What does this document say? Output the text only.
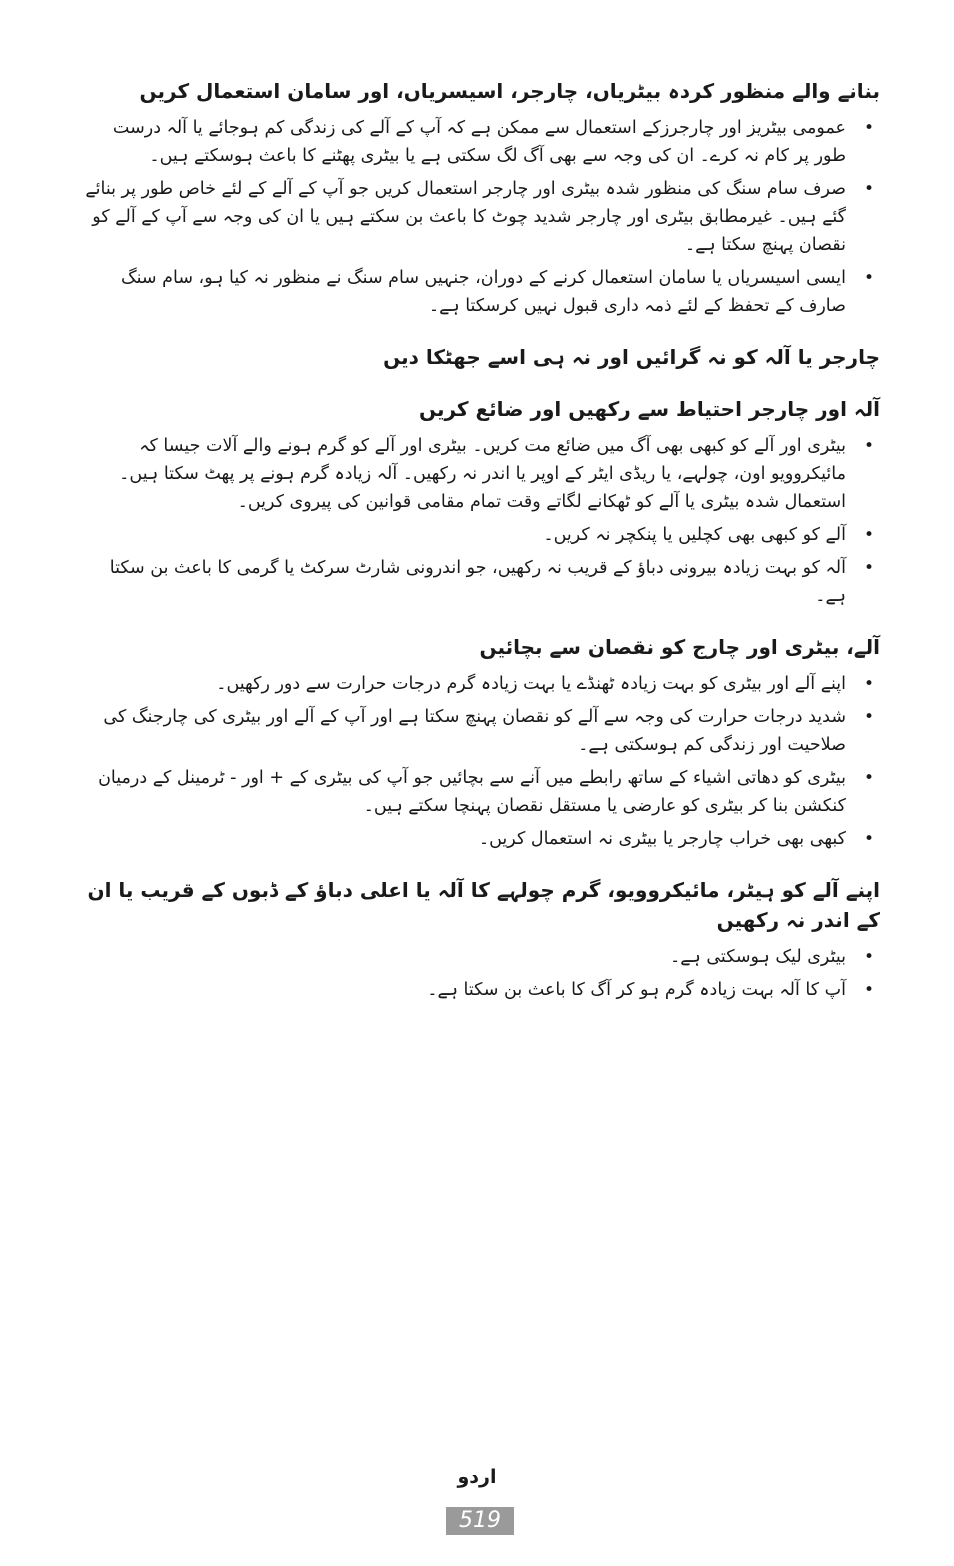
بنانے والے منظور کردہ بیٹریاں، چارجر، اسیسریاں، اور سامان استعمال کریں
• عمومی بیٹریز اور چارجرزکے استعمال سے ممکن ہے کہ آپ کے آلے کی زندگی کم ہوجائے یا آلہ درست طور پر کام نہ کرے۔ ان کی وجہ سے بھی آگ لگ سکتی ہے یا بیٹری پھٹنے کا باعث ہوسکتے ہیں۔
• صرف سام سنگ کی منظور شدہ بیٹری اور چارجر استعمال کریں جو آپ کے آلے کے لئے خاص طور پر بنائے گئے ہیں۔ غیرمطابق بیٹری اور چارجر شدید چوٹ کا باعث بن سکتے ہیں یا ان کی وجہ سے آپ کے آلے کو نقصان پہنچ سکتا ہے۔
• ایسی اسیسریاں یا سامان استعمال کرنے کے دوران، جنہیں سام سنگ نے منظور نہ کیا ہو، سام سنگ صارف کے تحفظ کے لئے ذمہ داری قبول نہیں کرسکتا ہے۔
چارجر یا آلہ کو نہ گرائیں اور نہ ہی اسے جھٹکا دیں
آلہ اور چارجر احتیاط سے رکھیں اور ضائع کریں
• بیٹری اور آلے کو کبھی بھی آگ میں ضائع مت کریں۔ بیٹری اور آلے کو گرم ہونے والے آلات جیسا کہ مائیکروویو اون، چولہے، یا ریڈی ایٹر کے اوپر یا اندر نہ رکھیں۔ آلہ زیادہ گرم ہونے پر پھٹ سکتا ہیں۔ استعمال شدہ بیٹری یا آلے کو ٹھکانے لگاتے وقت تمام مقامی قوانین کی پیروی کریں۔
• آلے کو کبھی بھی کچلیں یا پنکچر نہ کریں۔
• آلہ کو بہت زیادہ بیرونی دباؤ کے قریب نہ رکھیں، جو اندرونی شارٹ سرکٹ یا گرمی کا باعث بن سکتا ہے۔
آلے، بیٹری اور چارج کو نقصان سے بچائیں
• اپنے آلے اور بیٹری کو بہت زیادہ ٹھنڈے یا بہت زیادہ گرم درجات حرارت سے دور رکھیں۔
• شدید درجات حرارت کی وجہ سے آلے کو نقصان پہنچ سکتا ہے اور آپ کے آلے اور بیٹری کی چارجنگ کی صلاحیت اور زندگی کم ہوسکتی ہے۔
• بیٹری کو دھاتی اشیاء کے ساتھ رابطے میں آنے سے بچائیں جو آپ کی بیٹری کے + اور - ٹرمینل کے درمیان کنکشن بنا کر بیٹری کو عارضی یا مستقل نقصان پہنچا سکتے ہیں۔
• کبھی بھی خراب چارجر یا بیٹری نہ استعمال کریں۔
اپنے آلے کو ہیٹر، مائیکروویو، گرم چولہے کا آلہ یا اعلی دباؤ کے ڈبوں کے قریب یا ان کے اندر نہ رکھیں
• بیٹری لیک ہوسکتی ہے۔
• آپ کا آلہ بہت زیادہ گرم ہو کر آگ کا باعث بن سکتا ہے۔
اردو
519
